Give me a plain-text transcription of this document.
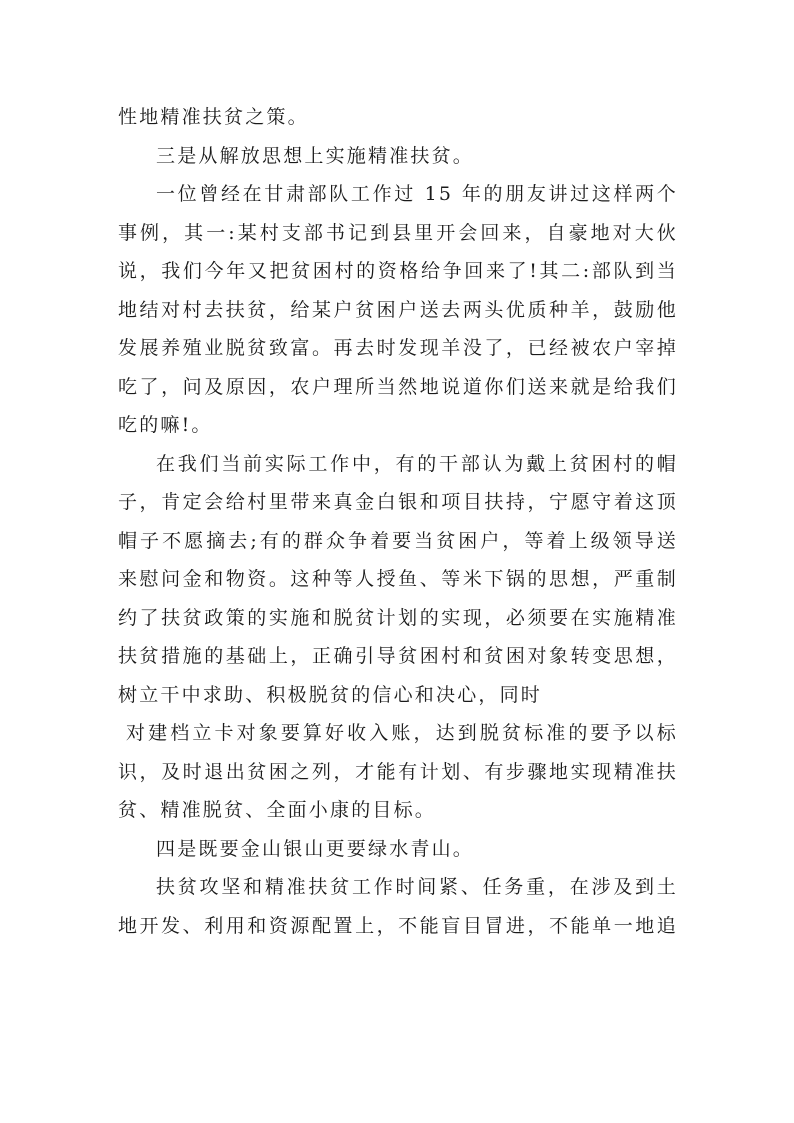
性地精准扶贫之策。
三是从解放思想上实施精准扶贫。
一位曾经在甘肃部队工作过 15 年的朋友讲过这样两个
事例，其一:某村支部书记到县里开会回来，自豪地对大伙
说，我们今年又把贫困村的资格给争回来了!其二:部队到当
地结对村去扶贫，给某户贫困户送去两头优质种羊，鼓励他
发展养殖业脱贫致富。再去时发现羊没了，已经被农户宰掉
吃了，问及原因，农户理所当然地说道你们送来就是给我们
吃的嘛!。
在我们当前实际工作中，有的干部认为戴上贫困村的帽
子，肯定会给村里带来真金白银和项目扶持，宁愿守着这顶
帽子不愿摘去;有的群众争着要当贫困户，等着上级领导送
来慰问金和物资。这种等人授鱼、等米下锅的思想，严重制
约了扶贫政策的实施和脱贫计划的实现，必须要在实施精准
扶贫措施的基础上，正确引导贫困村和贫困对象转变思想，
树立干中求助、积极脱贫的信心和决心，同时
对建档立卡对象要算好收入账，达到脱贫标准的要予以标
识，及时退出贫困之列，才能有计划、有步骤地实现精准扶
贫、精准脱贫、全面小康的目标。
四是既要金山银山更要绿水青山。
扶贫攻坚和精准扶贫工作时间紧、任务重，在涉及到土
地开发、利用和资源配置上，不能盲目冒进，不能单一地追
